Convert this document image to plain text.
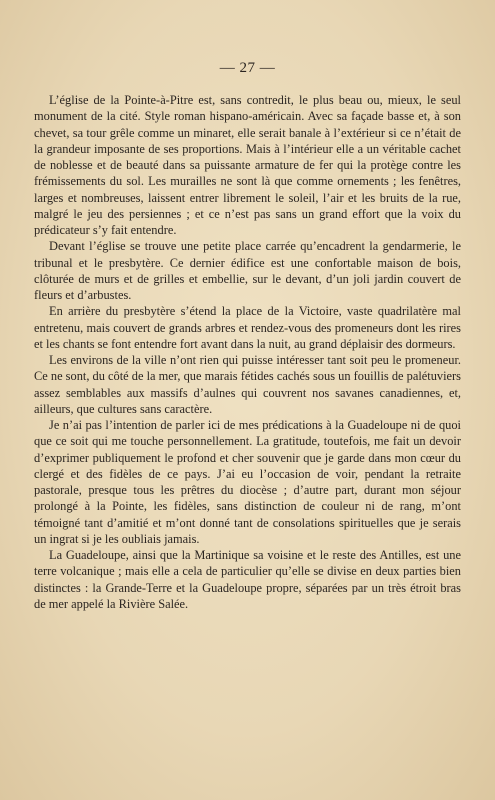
— 27 —

L’église de la Pointe-à-Pitre est, sans contredit, le plus beau ou, mieux, le seul monument de la cité. Style roman hispano-américain. Avec sa façade basse et, à son chevet, sa tour grêle comme un minaret, elle serait banale à l’extérieur si ce n’était de la grandeur imposante de ses proportions. Mais à l’intérieur elle a un véritable cachet de noblesse et de beauté dans sa puissante armature de fer qui la protège contre les frémissements du sol. Les murailles ne sont là que comme ornements ; les fenêtres, larges et nombreuses, laissent entrer librement le soleil, l’air et les bruits de la rue, malgré le jeu des persiennes ; et ce n’est pas sans un grand effort que la voix du prédicateur s’y fait entendre.

Devant l’église se trouve une petite place carrée qu’encadrent la gendarmerie, le tribunal et le presbytère. Ce dernier édifice est une confortable maison de bois, clôturée de murs et de grilles et embellie, sur le devant, d’un joli jardin couvert de fleurs et d’arbustes.

En arrière du presbytère s’étend la place de la Victoire, vaste quadrilatère mal entretenu, mais couvert de grands arbres et rendez-vous des promeneurs dont les rires et les chants se font entendre fort avant dans la nuit, au grand déplaisir des dormeurs.

Les environs de la ville n’ont rien qui puisse intéresser tant soit peu le promeneur. Ce ne sont, du côté de la mer, que marais fétides cachés sous un fouillis de palétuviers assez semblables aux massifs d’aulnes qui couvrent nos savanes canadiennes, et, ailleurs, que cultures sans caractère.

Je n’ai pas l’intention de parler ici de mes prédications à la Guadeloupe ni de quoi que ce soit qui me touche personnellement. La gratitude, toutefois, me fait un devoir d’exprimer publiquement le profond et cher souvenir que je garde dans mon cœur du clergé et des fidèles de ce pays. J’ai eu l’occasion de voir, pendant la retraite pastorale, presque tous les prêtres du diocèse ; d’autre part, durant mon séjour prolongé à la Pointe, les fidèles, sans distinction de couleur ni de rang, m’ont témoigné tant d’amitié et m’ont donné tant de consolations spirituelles que je serais un ingrat si je les oubliais jamais.

La Guadeloupe, ainsi que la Martinique sa voisine et le reste des Antilles, est une terre volcanique ; mais elle a cela de particulier qu’elle se divise en deux parties bien distinctes : la Grande-Terre et la Guadeloupe propre, séparées par un très étroit bras de mer appelé la Rivière Salée.
